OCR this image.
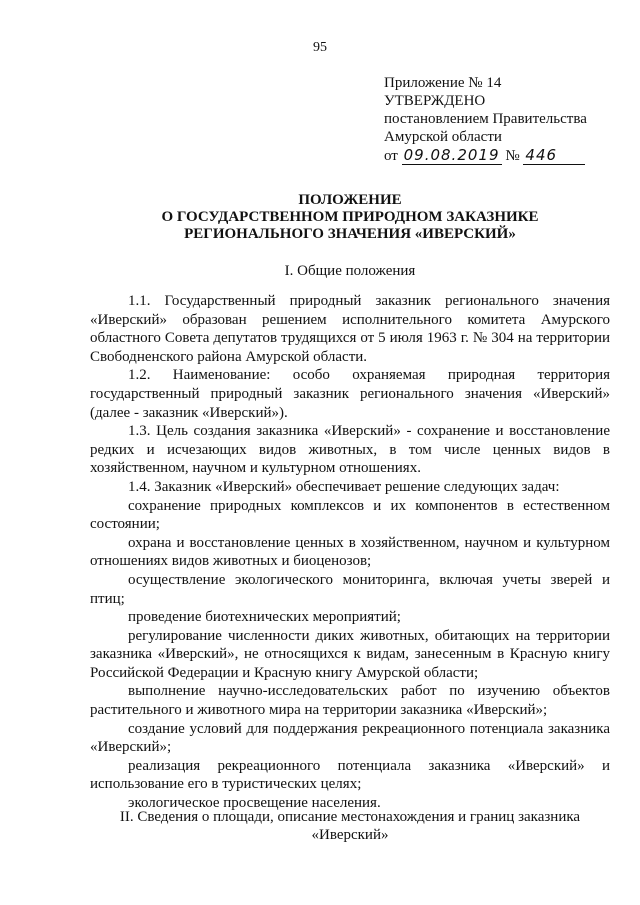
95
Приложение № 14
УТВЕРЖДЕНО
постановлением Правительства
Амурской области
от 09.08.2019 № 446
ПОЛОЖЕНИЕ
О ГОСУДАРСТВЕННОМ ПРИРОДНОМ ЗАКАЗНИКЕ
РЕГИОНАЛЬНОГО ЗНАЧЕНИЯ «ИВЕРСКИЙ»
I. Общие положения

1.1. Государственный природный заказник регионального значения «Иверский» образован решением исполнительного комитета Амурского областного Совета депутатов трудящихся от 5 июля 1963 г. № 304 на территории Свободненского района Амурской области.

1.2. Наименование: особо охраняемая природная территория государственный природный заказник регионального значения «Иверский» (далее - заказник «Иверский»).

1.3. Цель создания заказника «Иверский» - сохранение и восстановление редких и исчезающих видов животных, в том числе ценных видов в хозяйственном, научном и культурном отношениях.

1.4. Заказник «Иверский» обеспечивает решение следующих задач:

сохранение природных комплексов и их компонентов в естественном состоянии;

охрана и восстановление ценных в хозяйственном, научном и культурном отношениях видов животных и биоценозов;

осуществление экологического мониторинга, включая учеты зверей и птиц;

проведение биотехнических мероприятий;

регулирование численности диких животных, обитающих на территории заказника «Иверский», не относящихся к видам, занесенным в Красную книгу Российской Федерации и Красную книгу Амурской области;

выполнение научно-исследовательских работ по изучению объектов растительного и животного мира на территории заказника «Иверский»;

создание условий для поддержания рекреационного потенциала заказника «Иверский»;

реализация рекреационного потенциала заказника «Иверский» и использование его в туристических целях;

экологическое просвещение населения.

II. Сведения о площади, описание местонахождения и границ заказника «Иверский»
